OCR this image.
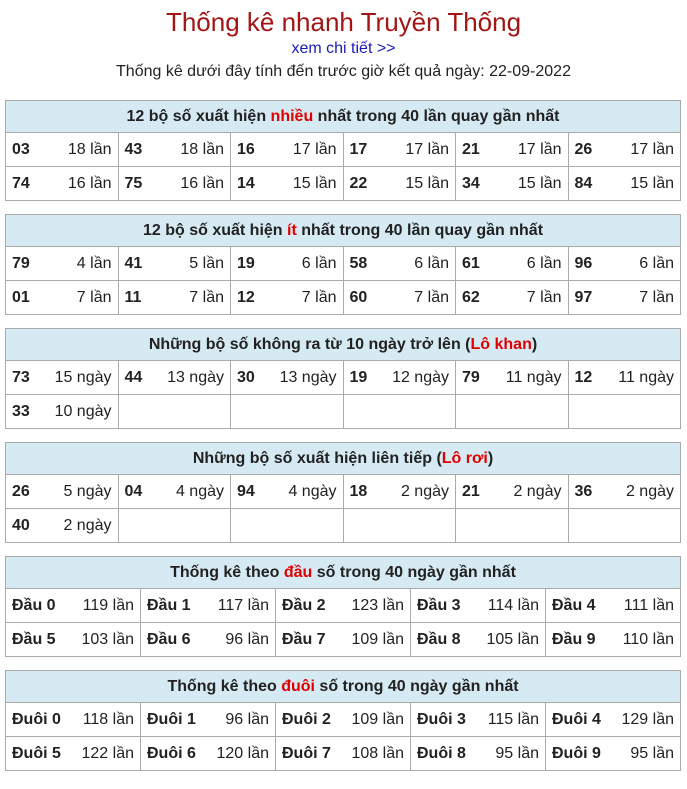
Thống kê nhanh Truyền Thống
xem chi tiết >>
Thống kê dưới đây tính đến trước giờ kết quả ngày: 22-09-2022
12 bộ số xuất hiện nhiều nhất trong 40 lần quay gần nhất					
03 18 lần	43 18 lần	16 17 lần	17 17 lần	21 17 lần	26 17 lần

74 16 lần	75 16 lần	14 15 lần	22 15 lần	34 15 lần	84 15 lần
12 bộ số xuất hiện ít nhất trong 40 lần quay gần nhất					
79 4 lần	41 5 lần	19 6 lần	58 6 lần	61 6 lần	96 6 lần

01 7 lần	11 7 lần	12 7 lần	60 7 lần	62 7 lần	97 7 lần
Những bộ số không ra từ 10 ngày trở lên (Lô khan)					
73 15 ngày	44 13 ngày	30 13 ngày	19 12 ngày	79 11 ngày	12 11 ngày

33 10 ngày					

Những bộ số xuất hiện liên tiếp (Lô rơi)					
26 5 ngày	04 4 ngày	94 4 ngày	18 2 ngày	21 2 ngày	36 2 ngày

40 2 ngày					

Thống kê theo đầu số trong 40 ngày gần nhất				
Đầu 0 119 lần	Đầu 1 117 lần	Đầu 2 123 lần	Đầu 3 114 lần	Đầu 4 111 lần

Đầu 5 103 lần	Đầu 6 96 lần	Đầu 7 109 lần	Đầu 8 105 lần	Đầu 9 110 lần
Thống kê theo đuôi số trong 40 ngày gần nhất				
Đuôi 0 118 lần	Đuôi 1 96 lần	Đuôi 2 109 lần	Đuôi 3 115 lần	Đuôi 4 129 lần

Đuôi 5 122 lần	Đuôi 6 120 lần	Đuôi 7 108 lần	Đuôi 8 95 lần	Đuôi 9 95 lần
